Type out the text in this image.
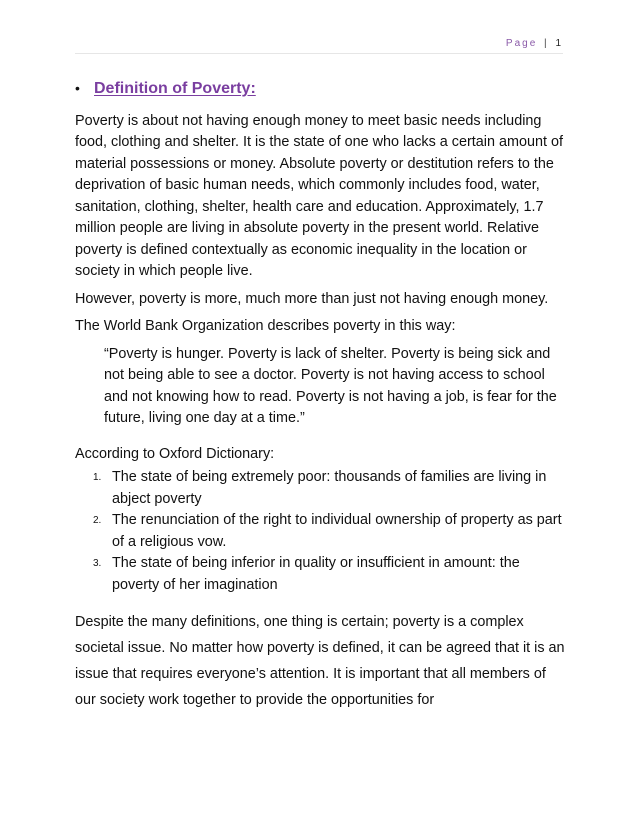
Page | 1
• Definition of Poverty:

Poverty is about not having enough money to meet basic needs including food, clothing and shelter. It is the state of one who lacks a certain amount of material possessions or money. Absolute poverty or destitution refers to the deprivation of basic human needs, which commonly includes food, water, sanitation, clothing, shelter, health care and education. Approximately, 1.7 million people are living in absolute poverty in the present world. Relative poverty is defined contextually as economic inequality in the location or society in which people live.

However, poverty is more, much more than just not having enough money.

The World Bank Organization describes poverty in this way:

“Poverty is hunger. Poverty is lack of shelter. Poverty is being sick and not being able to see a doctor. Poverty is not having access to school and not knowing how to read. Poverty is not having a job, is fear for the future, living one day at a time.”

According to Oxford Dictionary:

1. The state of being extremely poor: thousands of families are living in abject poverty
2. The renunciation of the right to individual ownership of property as part of a religious vow.
3. The state of being inferior in quality or insufficient in amount: the poverty of her imagination

Despite the many definitions, one thing is certain; poverty is a complex societal issue. No matter how poverty is defined, it can be agreed that it is an issue that requires everyone’s attention. It is important that all members of our society work together to provide the opportunities for
